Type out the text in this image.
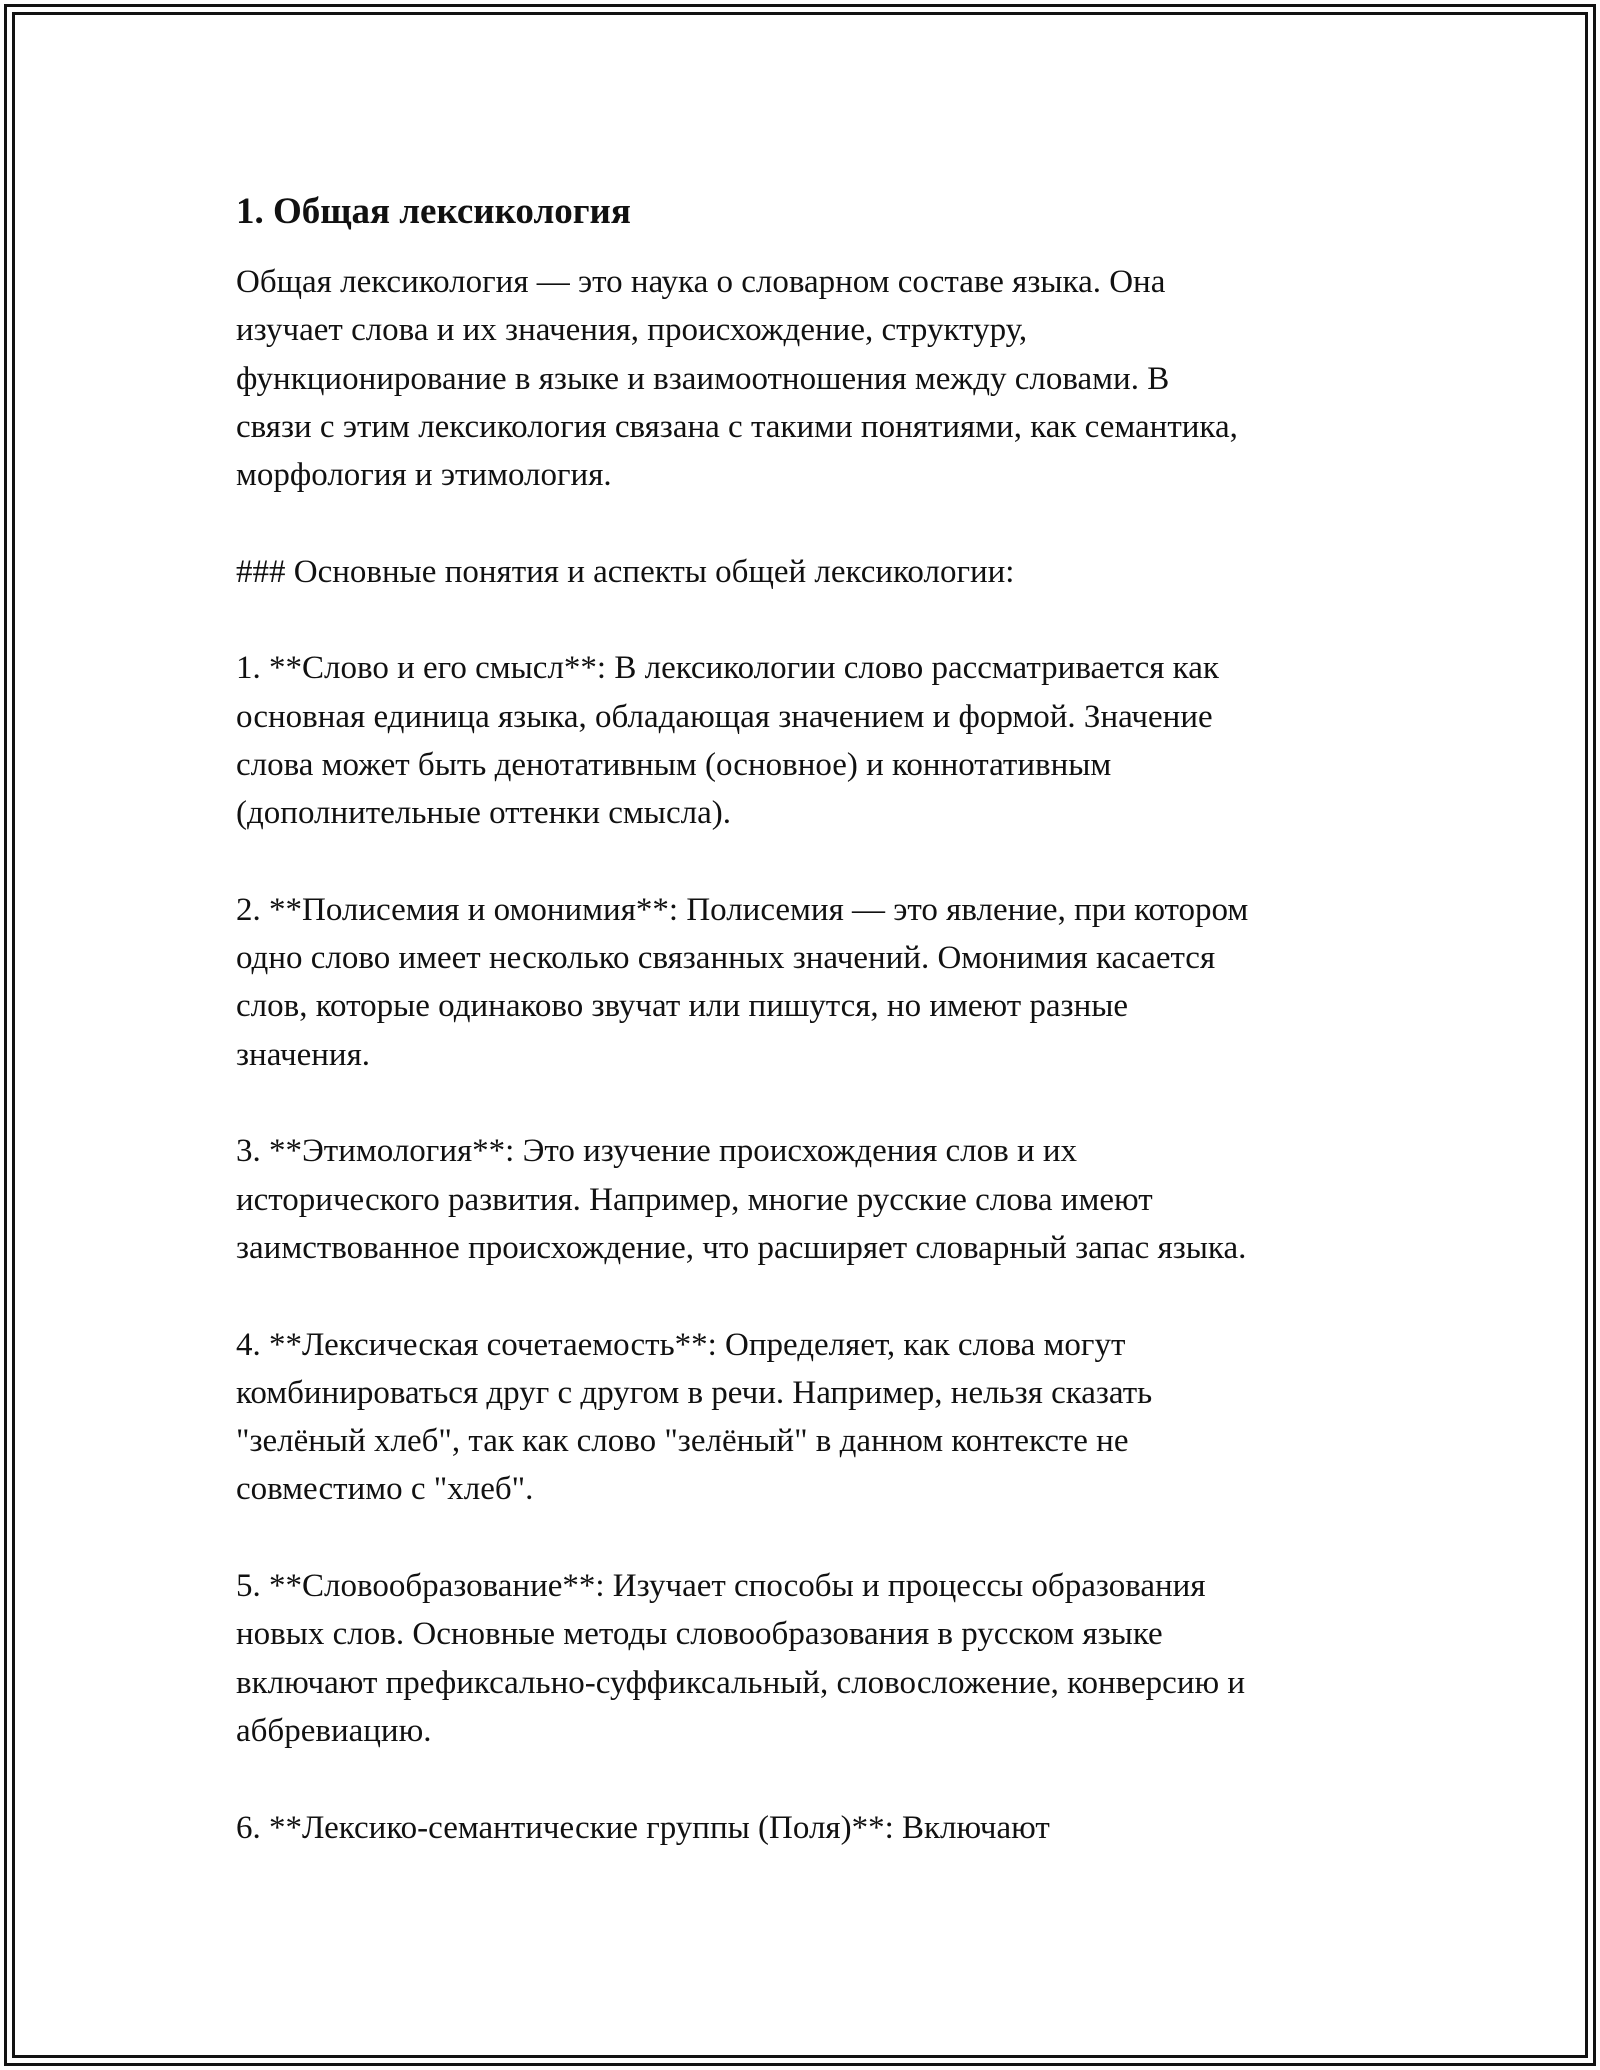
1. Общая лексикология

Общая лексикология — это наука о словарном составе языка. Она
изучает слова и их значения, происхождение, структуру,
функционирование в языке и взаимоотношения между словами. В
связи с этим лексикология связана с такими понятиями, как семантика,
морфология и этимология.

### Основные понятия и аспекты общей лексикологии:

1. **Слово и его смысл**: В лексикологии слово рассматривается как
основная единица языка, обладающая значением и формой. Значение
слова может быть денотативным (основное) и коннотативным
(дополнительные оттенки смысла).

2. **Полисемия и омонимия**: Полисемия — это явление, при котором
одно слово имеет несколько связанных значений. Омонимия касается
слов, которые одинаково звучат или пишутся, но имеют разные
значения.

3. **Этимология**: Это изучение происхождения слов и их
исторического развития. Например, многие русские слова имеют
заимствованное происхождение, что расширяет словарный запас языка.

4. **Лексическая сочетаемость**: Определяет, как слова могут
комбинироваться друг с другом в речи. Например, нельзя сказать
"зелёный хлеб", так как слово "зелёный" в данном контексте не
совместимо с "хлеб".

5. **Словообразование**: Изучает способы и процессы образования
новых слов. Основные методы словообразования в русском языке
включают префиксально-суффиксальный, словосложение, конверсию и
аббревиацию.

6. **Лексико-семантические группы (Поля)**: Включают
